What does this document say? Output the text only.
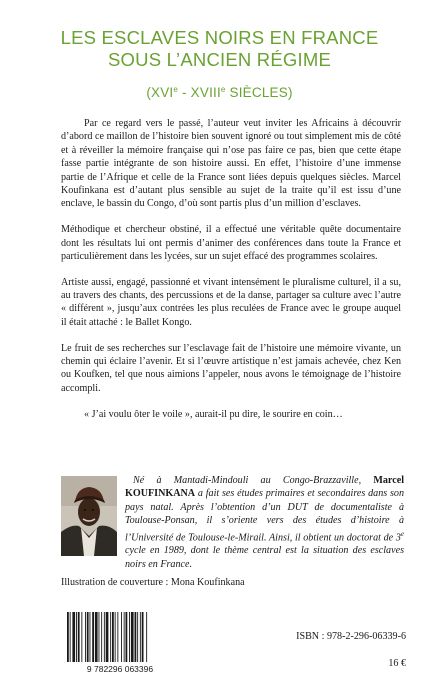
LES ESCLAVES NOIRS EN FRANCE
SOUS L’ANCIEN RÉGIME
(XVIe - XVIIIe SIÈCLES)

Par ce regard vers le passé, l’auteur veut inviter les Africains à découvrir d’abord ce maillon de l’histoire bien souvent ignoré ou tout simplement mis de côté et à réveiller la mémoire française qui n’ose pas faire ce pas, bien que cette étape fasse partie intégrante de son histoire aussi. En effet, l’histoire d’une immense partie de l’Afrique et celle de la France sont liées depuis quelques siècles. Marcel Koufinkana est d’autant plus sensible au sujet de la traite qu’il est issu d’une enclave, le bassin du Congo, d’où sont partis plus d’un million d’esclaves.

Méthodique et chercheur obstiné, il a effectué une véritable quête documentaire dont les résultats lui ont permis d’animer des conférences dans toute la France et particulièrement dans les lycées, sur un sujet effacé des programmes scolaires.

Artiste aussi, engagé, passionné et vivant intensément le pluralisme culturel, il a su, au travers des chants, des percussions et de la danse, partager sa culture avec l’autre « différent », jusqu’aux contrées les plus reculées de France avec le groupe auquel il était attaché : le Ballet Kongo.

Le fruit de ses recherches sur l’esclavage fait de l’histoire une mémoire vivante, un chemin qui éclaire l’avenir. Et si l’œuvre artistique n’est jamais achevée, chez Ken ou Koufken, tel que nous aimions l’appeler, nous avons le témoignage de l’histoire accompli.

« J’ai voulu ôter le voile », aurait-il pu dire, le sourire en coin…

Né à Mantadi-Mindouli au Congo-Brazzaville, Marcel KOUFINKANA a fait ses études primaires et secondaires dans son pays natal. Après l’obtention d’un DUT de documentaliste à Toulouse-Ponsan, il s’oriente vers des études d’histoire à l’Université de Toulouse-le-Mirail. Ainsi, il obtient un doctorat de 3e cycle en 1989, dont le thème central est la situation des esclaves noirs en France.

Illustration de couverture : Mona Koufinkana
9 782296 063396
ISBN : 978-2-296-06339-6
16 €
